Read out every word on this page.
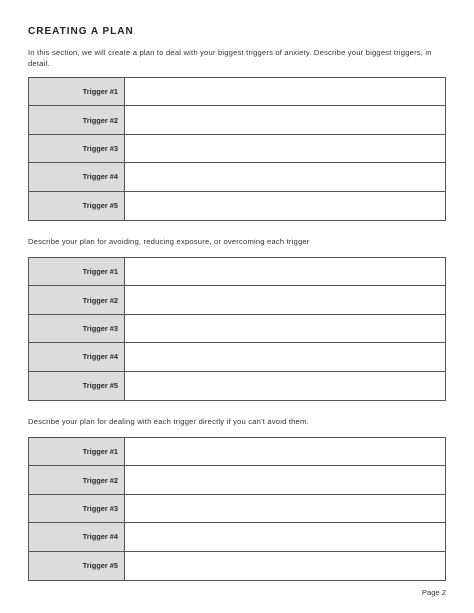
CREATING A PLAN

In this section, we will create a plan to deal with your biggest triggers of anxiety. Describe your biggest triggers, in detail.

Trigger #1
Trigger #2
Trigger #3
Trigger #4
Trigger #5

Describe your plan for avoiding, reducing exposure, or overcoming each trigger

Trigger #1
Trigger #2
Trigger #3
Trigger #4
Trigger #5

Describe your plan for dealing with each trigger directly if you can't avoid them.

Trigger #1
Trigger #2
Trigger #3
Trigger #4
Trigger #5
Page 2
